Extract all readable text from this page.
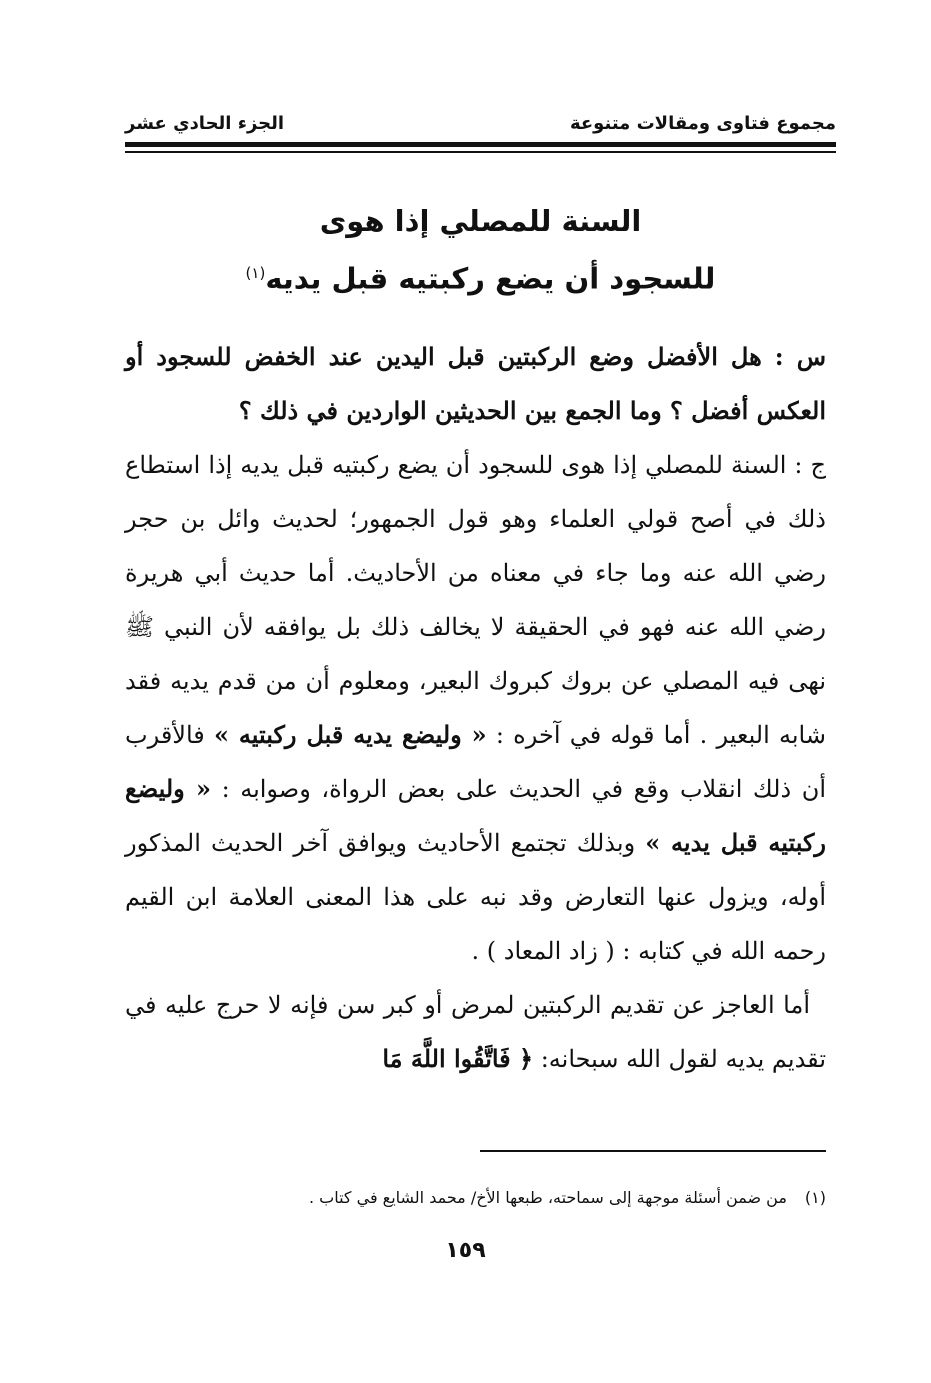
مجموع فتاوى ومقالات متنوعة
الجزء الحادي عشر
السنة للمصلي إذا هوى
للسجود أن يضع ركبتيه قبل يديه$^{(١)}$

س : هل الأفضل وضع الركبتين قبل اليدين عند الخفض للسجود أو العكس أفضل ؟ وما الجمع بين الحديثين الواردين في ذلك ؟

ج : السنة للمصلي إذا هوى للسجود أن يضع ركبتيه قبل يديه إذا استطاع ذلك في أصح قولي العلماء وهو قول الجمهور؛ لحديث وائل بن حجر رضي الله عنه وما جاء في معناه من الأحاديث. أما حديث أبي هريرة رضي الله عنه فهو في الحقيقة لا يخالف ذلك بل يوافقه لأن النبي ﷺ نهى فيه المصلي عن بروك كبروك البعير، ومعلوم أن من قدم يديه فقد شابه البعير . أما قوله في آخره : « وليضع يديه قبل ركبتيه » فالأقرب أن ذلك انقلاب وقع في الحديث على بعض الرواة، وصوابه : « وليضع ركبتيه قبل يديه » وبذلك تجتمع الأحاديث ويوافق آخر الحديث المذكور أوله، ويزول عنها التعارض وقد نبه على هذا المعنى العلامة ابن القيم رحمه الله في كتابه : ( زاد المعاد ) .

أما العاجز عن تقديم الركبتين لمرض أو كبر سن فإنه لا حرج عليه في تقديم يديه لقول الله سبحانه: ﴿ فَاتَّقُوا اللَّهَ مَا

(١)من ضمن أسئلة موجهة إلى سماحته، طبعها الأخ/ محمد الشايع في كتاب .
١٥٩
